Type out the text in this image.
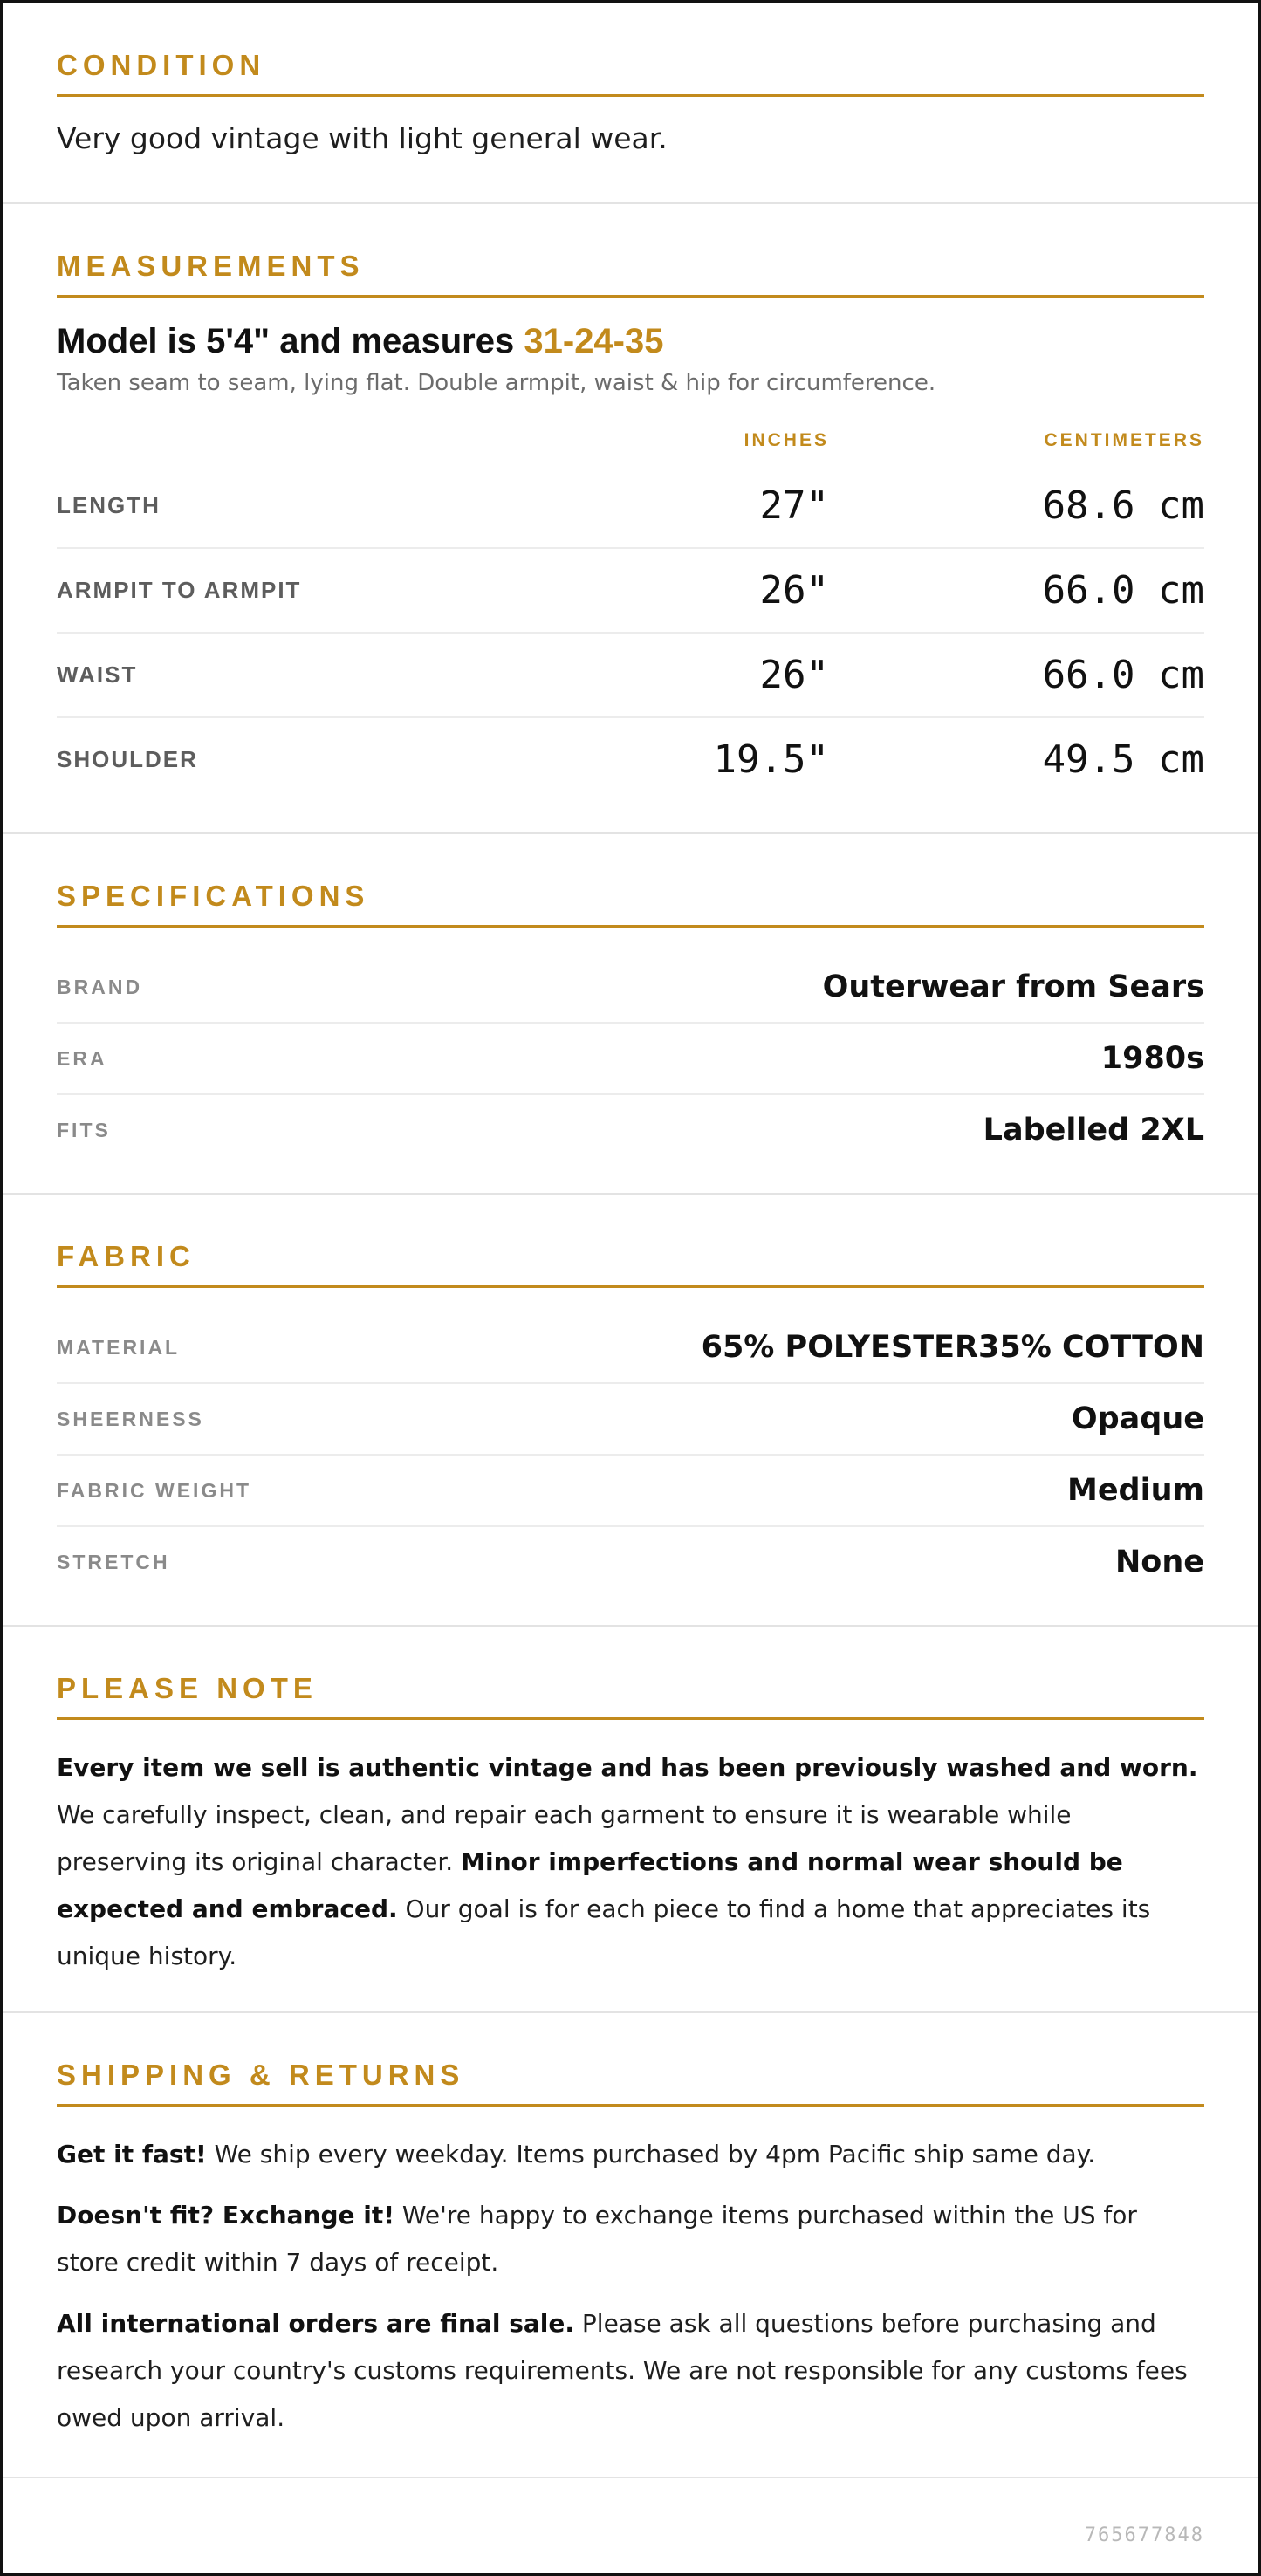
CONDITION
Very good vintage with light general wear.
MEASUREMENTS
Model is 5'4" and measures 31-24-35
Taken seam to seam, lying flat. Double armpit, waist & hip for circumference.
INCHES	CENTIMETERS
LENGTH	27"	68.6 cm
ARMPIT TO ARMPIT	26"	66.0 cm
WAIST	26"	66.0 cm
SHOULDER	19.5"	49.5 cm
SPECIFICATIONS
BRAND	Outerwear from Sears
ERA	1980s
FITS	Labelled 2XL
FABRIC
MATERIAL	65% POLYESTER35% COTTON
SHEERNESS	Opaque
FABRIC WEIGHT	Medium
STRETCH	None
PLEASE NOTE

Every item we sell is authentic vintage and has been previously washed and worn. We carefully inspect, clean, and repair each garment to ensure it is wearable while preserving its original character. Minor imperfections and normal wear should be expected and embraced. Our goal is for each piece to find a home that appreciates its unique history.

SHIPPING & RETURNS

Get it fast! We ship every weekday. Items purchased by 4pm Pacific ship same day.

Doesn't fit? Exchange it! We're happy to exchange items purchased within the US for store credit within 7 days of receipt.

All international orders are final sale. Please ask all questions before purchasing and research your country's customs requirements. We are not responsible for any customs fees owed upon arrival.

765677848
